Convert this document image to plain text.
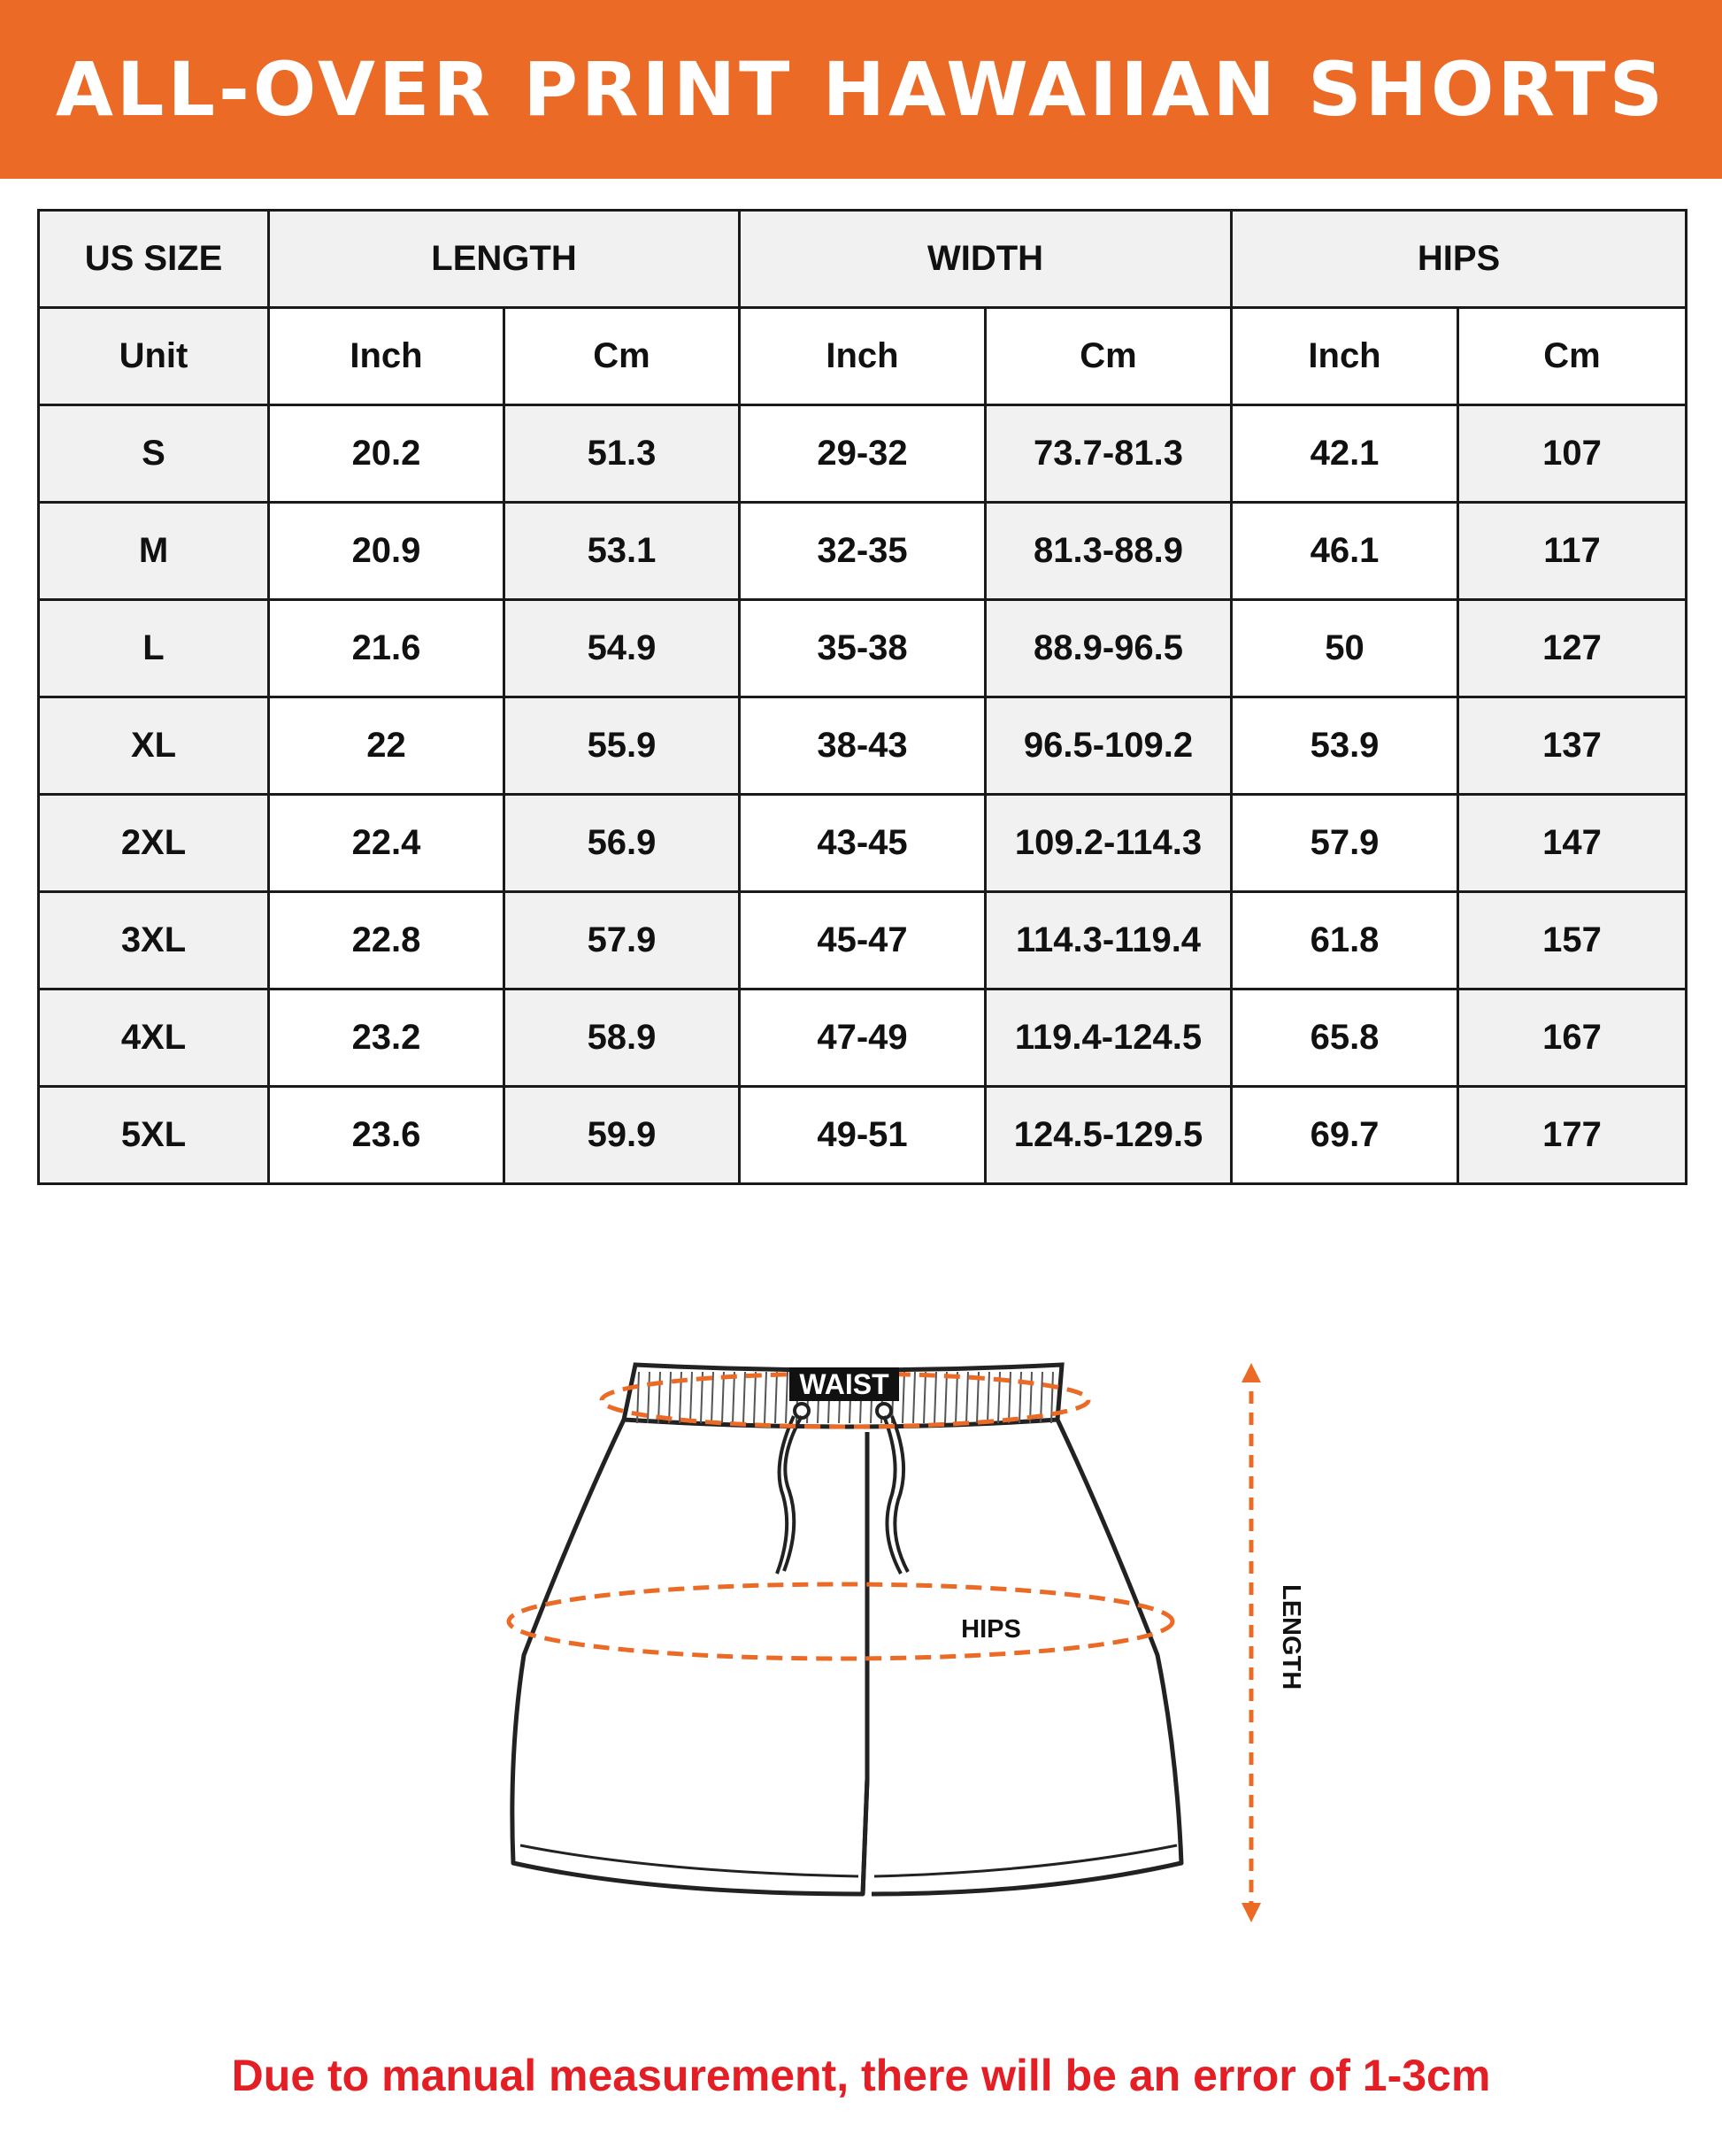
ALL-OVER PRINT HAWAIIAN SHORTS
US SIZE	LENGTH		WIDTH		HIPS	
Unit	Inch	Cm	Inch	Cm	Inch	Cm
S	20.2	51.3	29-32	73.7-81.3	42.1	107
M	20.9	53.1	32-35	81.3-88.9	46.1	117
L	21.6	54.9	35-38	88.9-96.5	50	127
XL	22	55.9	38-43	96.5-109.2	53.9	137
2XL	22.4	56.9	43-45	109.2-114.3	57.9	147
3XL	22.8	57.9	45-47	114.3-119.4	61.8	157
4XL	23.2	58.9	47-49	119.4-124.5	65.8	167
5XL	23.6	59.9	49-51	124.5-129.5	69.7	177
WAIST
HIPS	LENGTH
Due to manual measurement, there will be an error of 1-3cm
